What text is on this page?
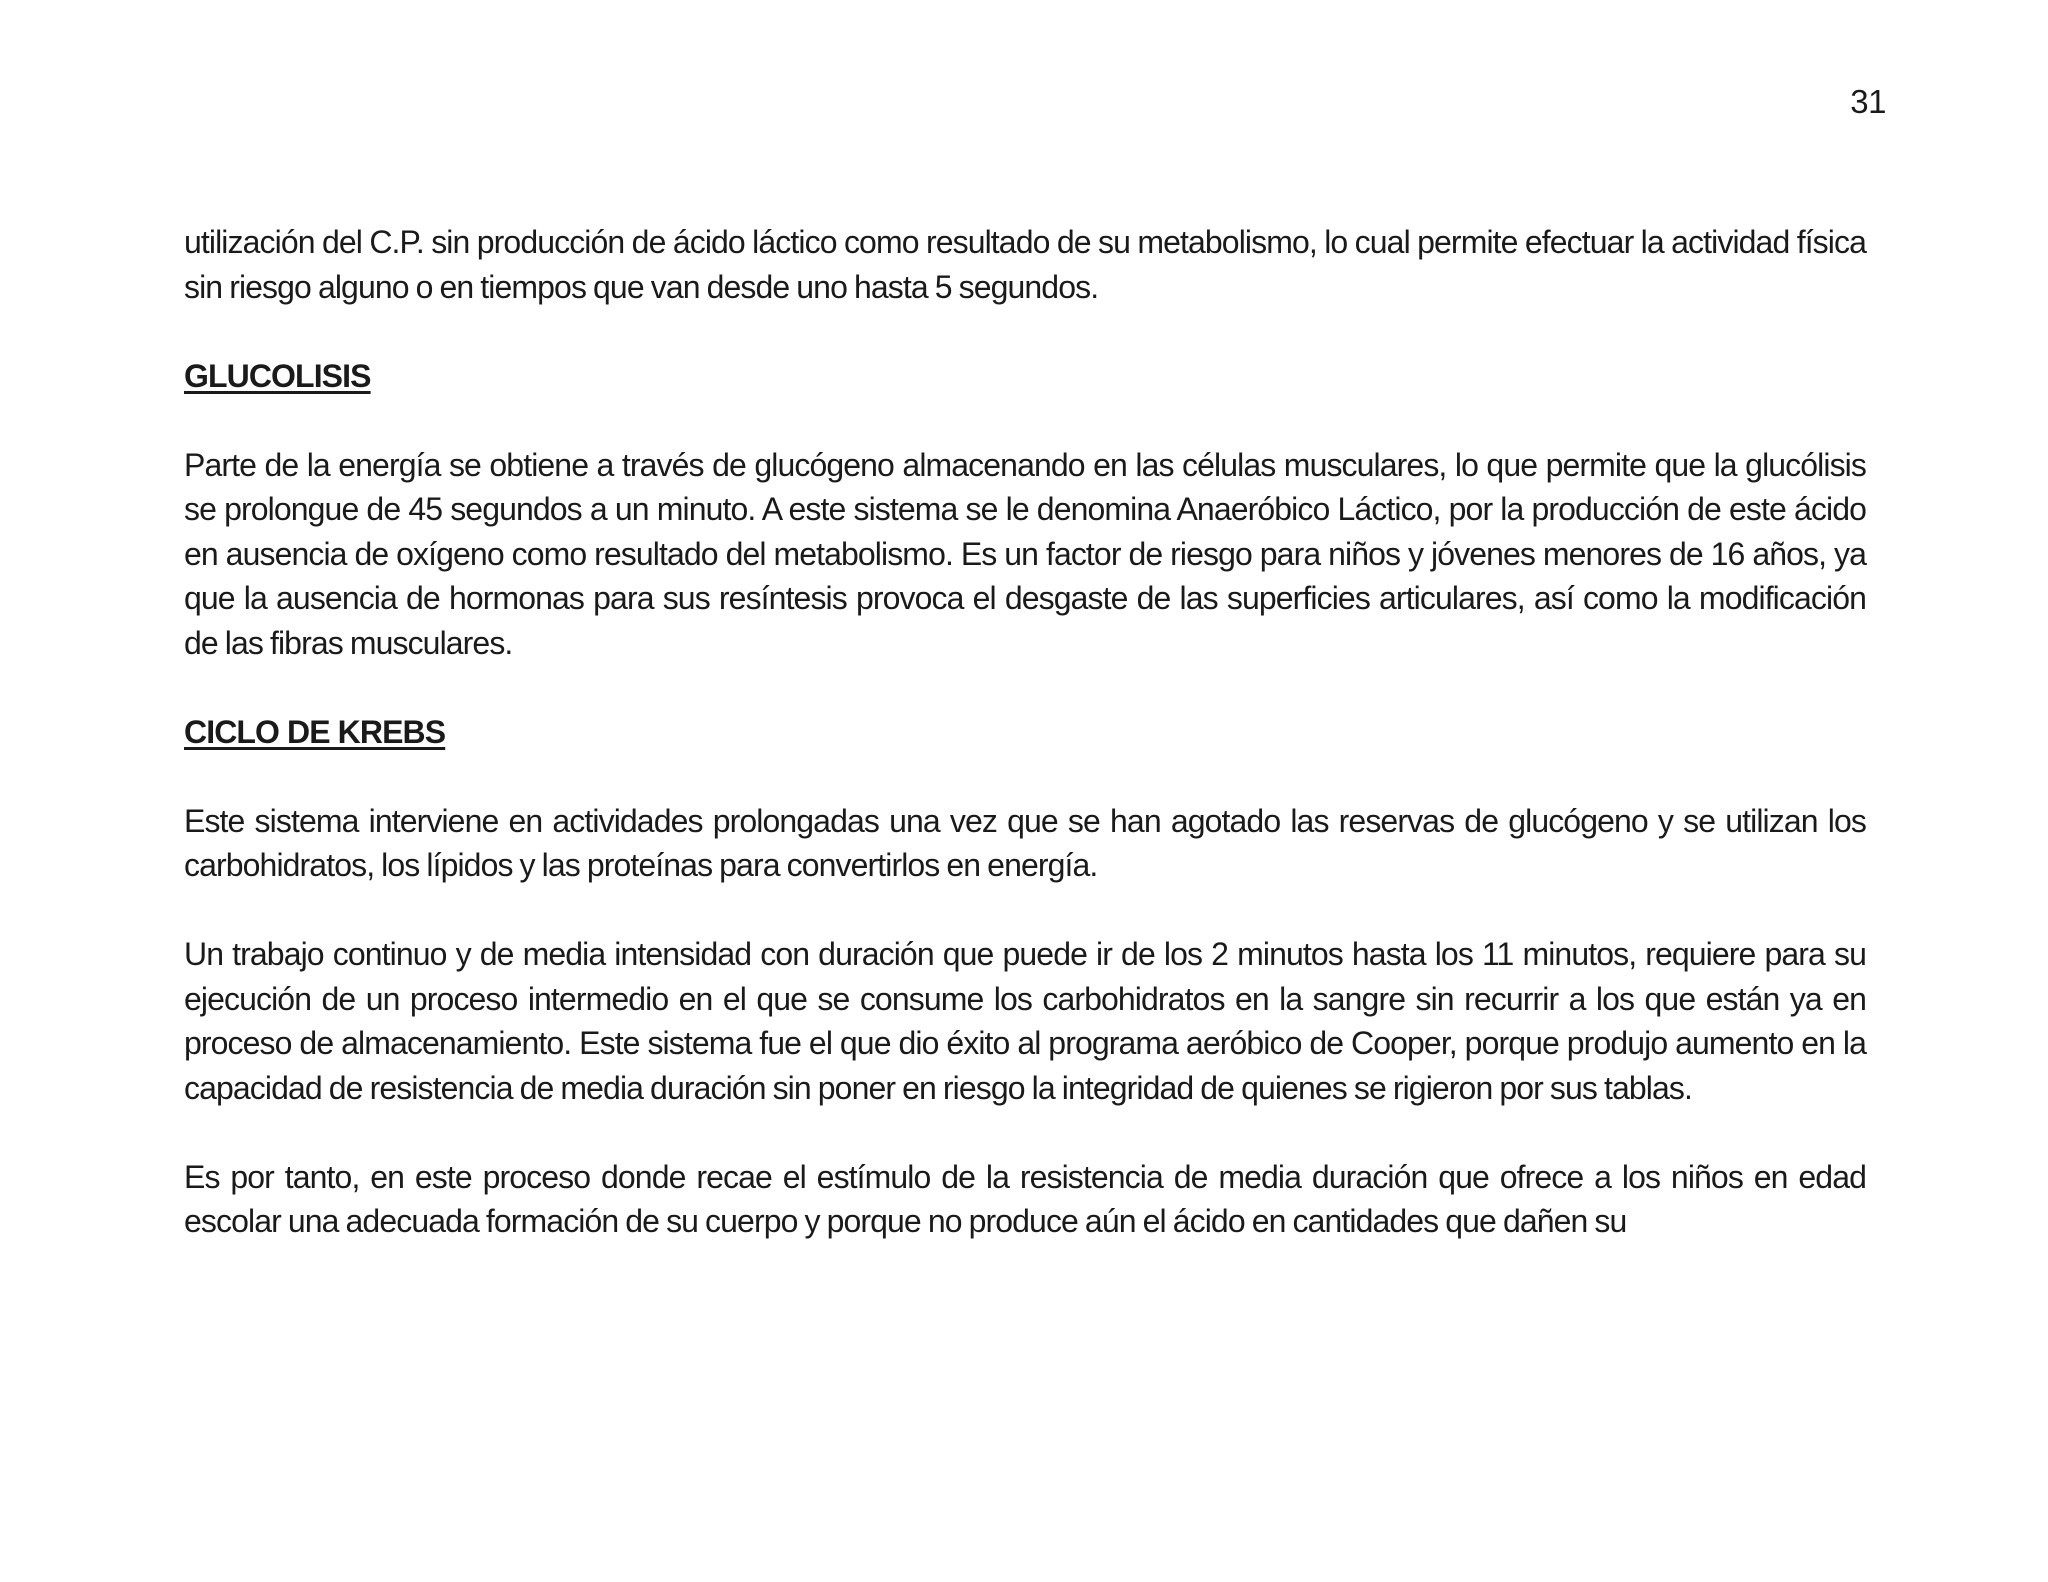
31

utilización del C.P. sin producción de ácido láctico como resultado de su metabolismo, lo cual permite efectuar la actividad física sin riesgo alguno o en tiempos que van desde uno hasta 5 segundos.

GLUCOLISIS

Parte de la energía se obtiene a través de glucógeno almacenando en las células musculares, lo que permite que la glucólisis se prolongue de 45 segundos a un minuto. A este sistema se le denomina Anaeróbico Láctico, por la producción de este ácido en ausencia de oxígeno como resultado del metabolismo. Es un factor de riesgo para niños y jóvenes menores de 16 años, ya que la ausencia de hormonas para sus resíntesis provoca el desgaste de las superficies articulares, así como la modificación de las fibras musculares.

CICLO DE KREBS

Este sistema interviene en actividades prolongadas una vez que se han agotado las reservas de glucógeno y se utilizan los carbohidratos, los lípidos y las proteínas para convertirlos en energía.

Un trabajo continuo y de media intensidad con duración que puede ir de los 2 minutos hasta los 11 minutos, requiere para su ejecución de un proceso intermedio en el que se consume los carbohidratos en la sangre sin recurrir a los que están ya en proceso de almacenamiento. Este sistema fue el que dio éxito al programa aeróbico de Cooper, porque produjo aumento en la capacidad de resistencia de media duración sin poner en riesgo la integridad de quienes se rigieron por sus tablas.

Es por tanto, en este proceso donde recae el estímulo de la resistencia de media duración que ofrece a los niños en edad escolar una adecuada formación de su cuerpo y porque no produce aún el ácido en cantidades que dañen su
